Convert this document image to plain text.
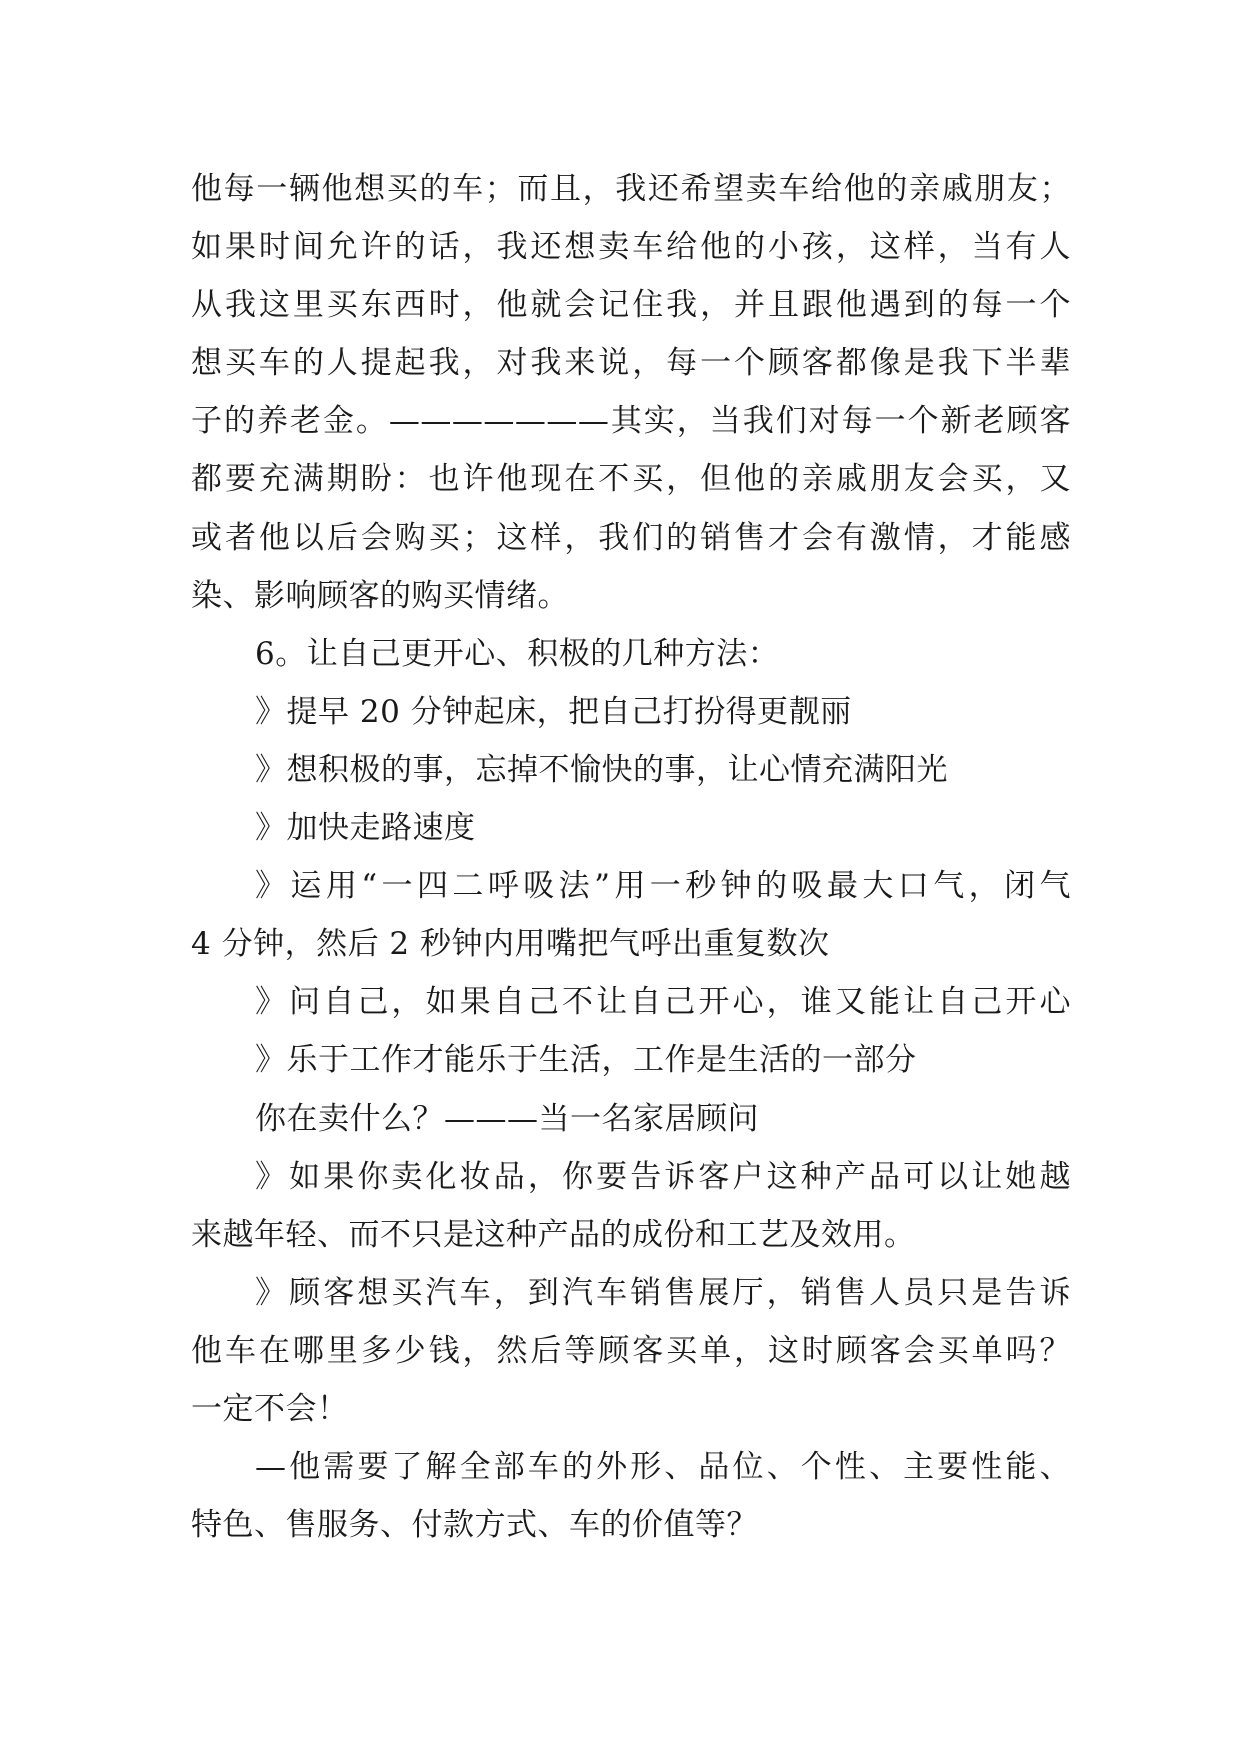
他每一辆他想买的车；而且，我还希望卖车给他的亲戚朋友；
如果时间允许的话，我还想卖车给他的小孩，这样，当有人
从我这里买东西时，他就会记住我，并且跟他遇到的每一个
想买车的人提起我，对我来说，每一个顾客都像是我下半辈
子的养老金。———————其实，当我们对每一个新老顾客
都要充满期盼：也许他现在不买，但他的亲戚朋友会买，又
或者他以后会购买；这样，我们的销售才会有激情，才能感
染、影响顾客的购买情绪。
6。让自己更开心、积极的几种方法：
》提早 20 分钟起床，把自己打扮得更靓丽
》想积极的事，忘掉不愉快的事，让心情充满阳光
》加快走路速度
》运用“一四二呼吸法”用一秒钟的吸最大口气，闭气
4 分钟，然后 2 秒钟内用嘴把气呼出重复数次
》问自己，如果自己不让自己开心，谁又能让自己开心
》乐于工作才能乐于生活，工作是生活的一部分
你在卖什么？———当一名家居顾问
》如果你卖化妆品，你要告诉客户这种产品可以让她越
来越年轻、而不只是这种产品的成份和工艺及效用。
》顾客想买汽车，到汽车销售展厅，销售人员只是告诉
他车在哪里多少钱，然后等顾客买单，这时顾客会买单吗？
一定不会！
—他需要了解全部车的外形、品位、个性、主要性能、
特色、售服务、付款方式、车的价值等？
